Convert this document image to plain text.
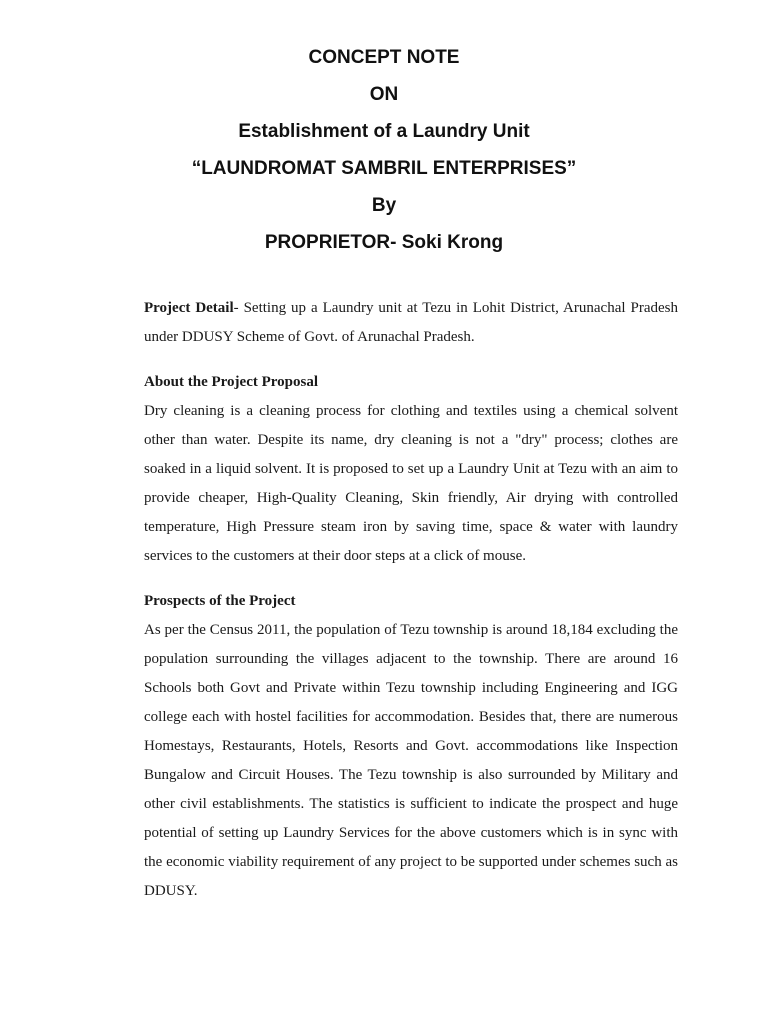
CONCEPT NOTE
ON
Establishment of a Laundry Unit
“LAUNDROMAT SAMBRIL ENTERPRISES”
By
PROPRIETOR- Soki Krong

Project Detail- Setting up a Laundry unit at Tezu in Lohit District, Arunachal Pradesh under DDUSY Scheme of Govt. of Arunachal Pradesh.

About the Project Proposal

Dry cleaning is a cleaning process for clothing and textiles using a chemical solvent other than water. Despite its name, dry cleaning is not a "dry" process; clothes are soaked in a liquid solvent. It is proposed to set up a Laundry Unit at Tezu with an aim to provide cheaper, High-Quality Cleaning, Skin friendly, Air drying with controlled temperature, High Pressure steam iron by saving time, space & water with laundry services to the customers at their door steps at a click of mouse.

Prospects of the Project

As per the Census 2011, the population of Tezu township is around 18,184 excluding the population surrounding the villages adjacent to the township. There are around 16 Schools both Govt and Private within Tezu township including Engineering and IGG college each with hostel facilities for accommodation. Besides that, there are numerous Homestays, Restaurants, Hotels, Resorts and Govt. accommodations like Inspection Bungalow and Circuit Houses. The Tezu township is also surrounded by Military and other civil establishments. The statistics is sufficient to indicate the prospect and huge potential of setting up Laundry Services for the above customers which is in sync with the economic viability requirement of any project to be supported under schemes such as DDUSY.
